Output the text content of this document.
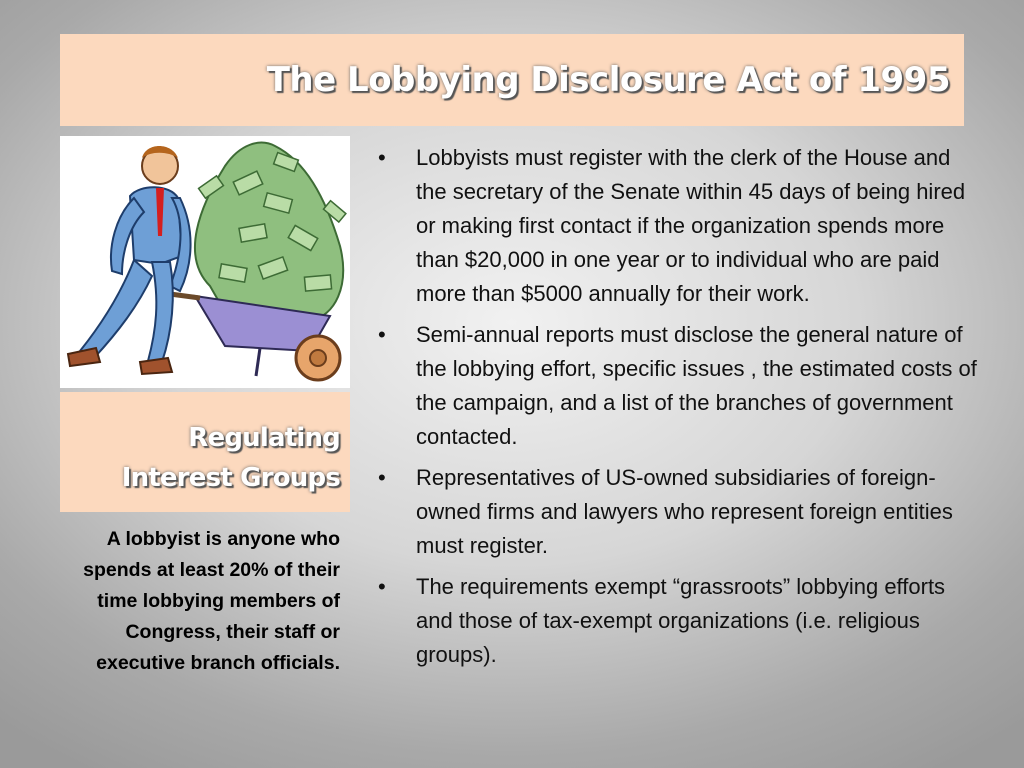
The Lobbying Disclosure Act of 1995
Regulating Interest Groups
A lobbyist is anyone who spends at least 20% of their time lobbying members of Congress, their staff or executive branch officials.
• Lobbyists must register with the clerk of the House and the secretary of the Senate within 45 days of being hired or making first contact if the organization spends more than $20,000 in one year or to individual who are paid more than $5000 annually for their work.
• Semi-annual reports must disclose the general nature of the lobbying effort, specific issues , the estimated costs of the campaign, and a list of the branches of government contacted.
• Representatives of US-owned subsidiaries of foreign-owned firms and lawyers who represent foreign entities must register.
• The requirements exempt “grassroots” lobbying efforts and those of tax-exempt organizations (i.e. religious groups).
